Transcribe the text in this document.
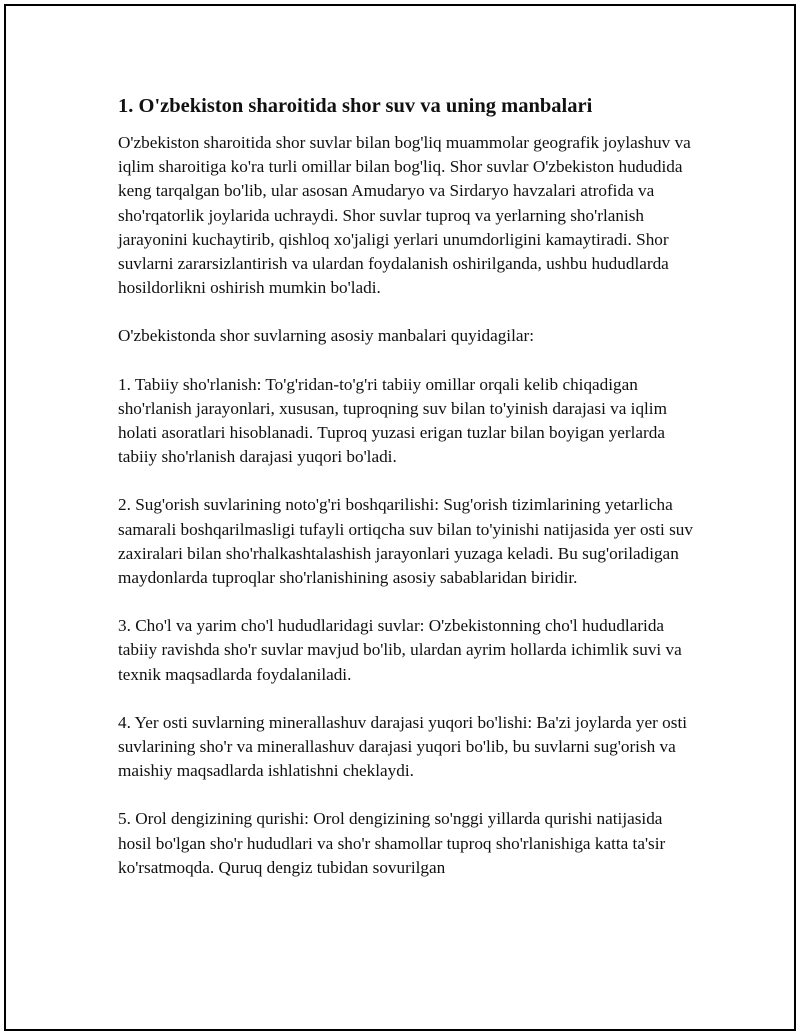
1. O'zbekiston sharoitida shor suv va uning manbalari

O'zbekiston sharoitida shor suvlar bilan bog'liq muammolar geografik joylashuv va iqlim sharoitiga ko'ra turli omillar bilan bog'liq. Shor suvlar O'zbekiston hududida keng tarqalgan bo'lib, ular asosan Amudaryo va Sirdaryo havzalari atrofida va sho'rqatorlik joylarida uchraydi. Shor suvlar tuproq va yerlarning sho'rlanish jarayonini kuchaytirib, qishloq xo'jaligi yerlari unumdorligini kamaytiradi. Shor suvlarni zararsizlantirish va ulardan foydalanish oshirilganda, ushbu hududlarda hosildorlikni oshirish mumkin bo'ladi.

O'zbekistonda shor suvlarning asosiy manbalari quyidagilar:

1. Tabiiy sho'rlanish: To'g'ridan-to'g'ri tabiiy omillar orqali kelib chiqadigan sho'rlanish jarayonlari, xususan, tuproqning suv bilan to'yinish darajasi va iqlim holati asoratlari hisoblanadi. Tuproq yuzasi erigan tuzlar bilan boyigan yerlarda tabiiy sho'rlanish darajasi yuqori bo'ladi.

2. Sug'orish suvlarining noto'g'ri boshqarilishi: Sug'orish tizimlarining yetarlicha samarali boshqarilmasligi tufayli ortiqcha suv bilan to'yinishi natijasida yer osti suv zaxiralari bilan sho'rhalkashtalashish jarayonlari yuzaga keladi. Bu sug'oriladigan maydonlarda tuproqlar sho'rlanishining asosiy sabablaridan biridir.

3. Cho'l va yarim cho'l hududlaridagi suvlar: O'zbekistonning cho'l hududlarida tabiiy ravishda sho'r suvlar mavjud bo'lib, ulardan ayrim hollarda ichimlik suvi va texnik maqsadlarda foydalaniladi.

4. Yer osti suvlarning minerallashuv darajasi yuqori bo'lishi: Ba'zi joylarda yer osti suvlarining sho'r va minerallashuv darajasi yuqori bo'lib, bu suvlarni sug'orish va maishiy maqsadlarda ishlatishni cheklaydi.

5. Orol dengizining qurishi: Orol dengizining so'nggi yillarda qurishi natijasida hosil bo'lgan sho'r hududlari va sho'r shamollar tuproq sho'rlanishiga katta ta'sir ko'rsatmoqda. Quruq dengiz tubidan sovurilgan
